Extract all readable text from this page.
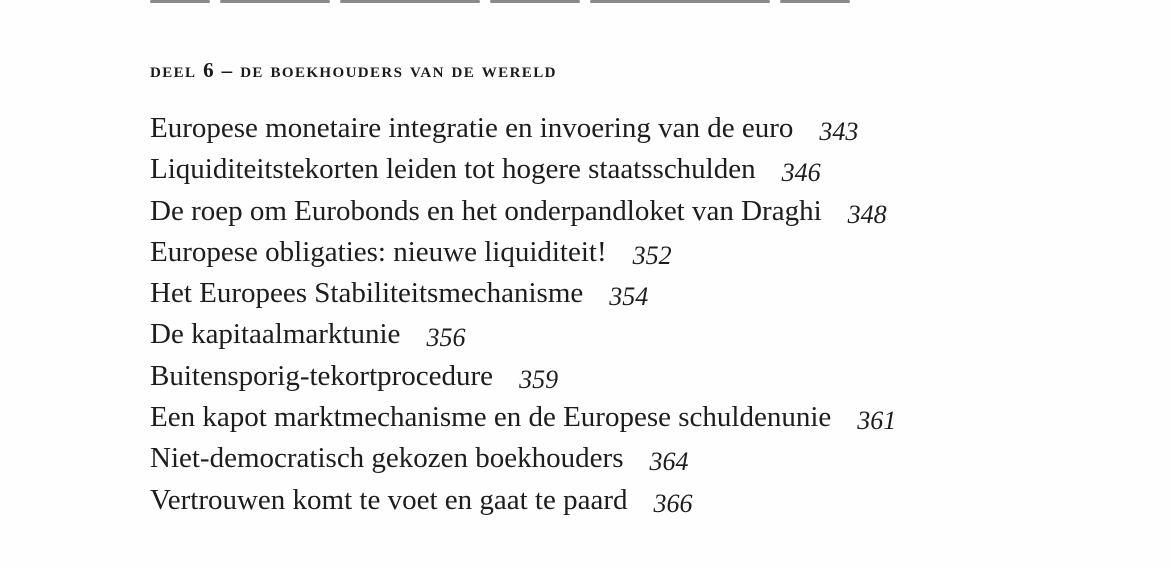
deel 6 – de boekhouders van de wereld
Europese monetaire integratie en invoering van de euro 343
Liquiditeitstekorten leiden tot hogere staatsschulden 346
De roep om Eurobonds en het onderpandloket van Draghi 348
Europese obligaties: nieuwe liquiditeit! 352
Het Europees Stabiliteitsmechanisme 354
De kapitaalmarktunie 356
Buitensporig-tekortprocedure 359
Een kapot marktmechanisme en de Europese schuldenunie 361
Niet-democratisch gekozen boekhouders 364
Vertrouwen komt te voet en gaat te paard 366
